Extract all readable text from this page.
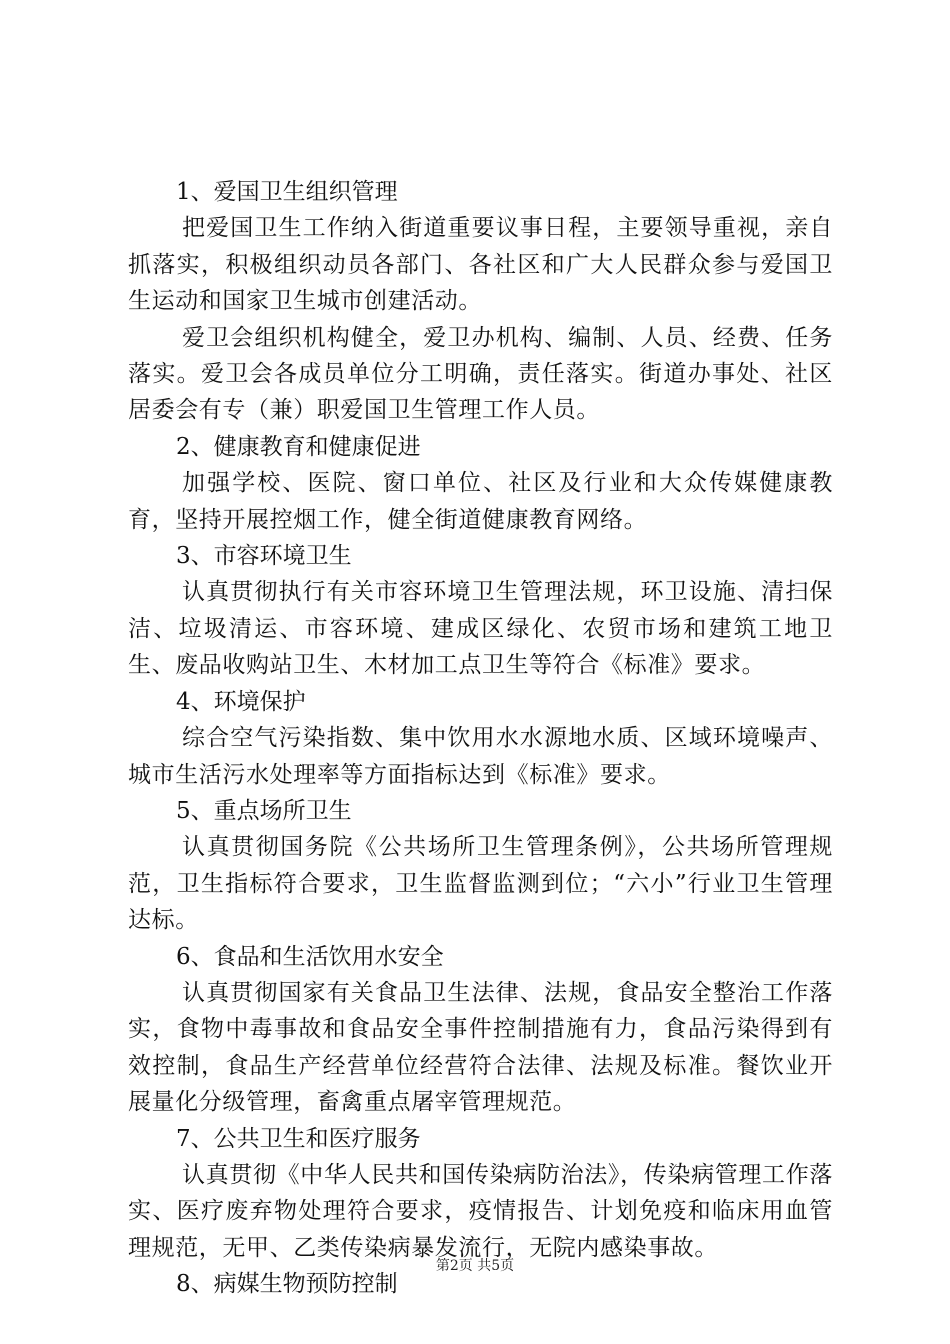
1、爱国卫生组织管理

把爱国卫生工作纳入街道重要议事日程，主要领导重视，亲自抓落实，积极组织动员各部门、各社区和广大人民群众参与爱国卫生运动和国家卫生城市创建活动。

爱卫会组织机构健全，爱卫办机构、编制、人员、经费、任务落实。爱卫会各成员单位分工明确，责任落实。街道办事处、社区居委会有专（兼）职爱国卫生管理工作人员。

2、健康教育和健康促进

加强学校、医院、窗口单位、社区及行业和大众传媒健康教育，坚持开展控烟工作，健全街道健康教育网络。

3、市容环境卫生

认真贯彻执行有关市容环境卫生管理法规，环卫设施、清扫保洁、垃圾清运、市容环境、建成区绿化、农贸市场和建筑工地卫生、废品收购站卫生、木材加工点卫生等符合《标准》要求。

4、环境保护

综合空气污染指数、集中饮用水水源地水质、区域环境噪声、城市生活污水处理率等方面指标达到《标准》要求。

5、重点场所卫生

认真贯彻国务院《公共场所卫生管理条例》，公共场所管理规范，卫生指标符合要求，卫生监督监测到位；“六小”行业卫生管理达标。

6、食品和生活饮用水安全

认真贯彻国家有关食品卫生法律、法规，食品安全整治工作落实，食物中毒事故和食品安全事件控制措施有力，食品污染得到有效控制，食品生产经营单位经营符合法律、法规及标准。餐饮业开展量化分级管理，畜禽重点屠宰管理规范。

7、公共卫生和医疗服务

认真贯彻《中华人民共和国传染病防治法》，传染病管理工作落实、医疗废弃物处理符合要求，疫情报告、计划免疫和临床用血管理规范，无甲、乙类传染病暴发流行，无院内感染事故。

8、病媒生物预防控制

第2页 共5页
